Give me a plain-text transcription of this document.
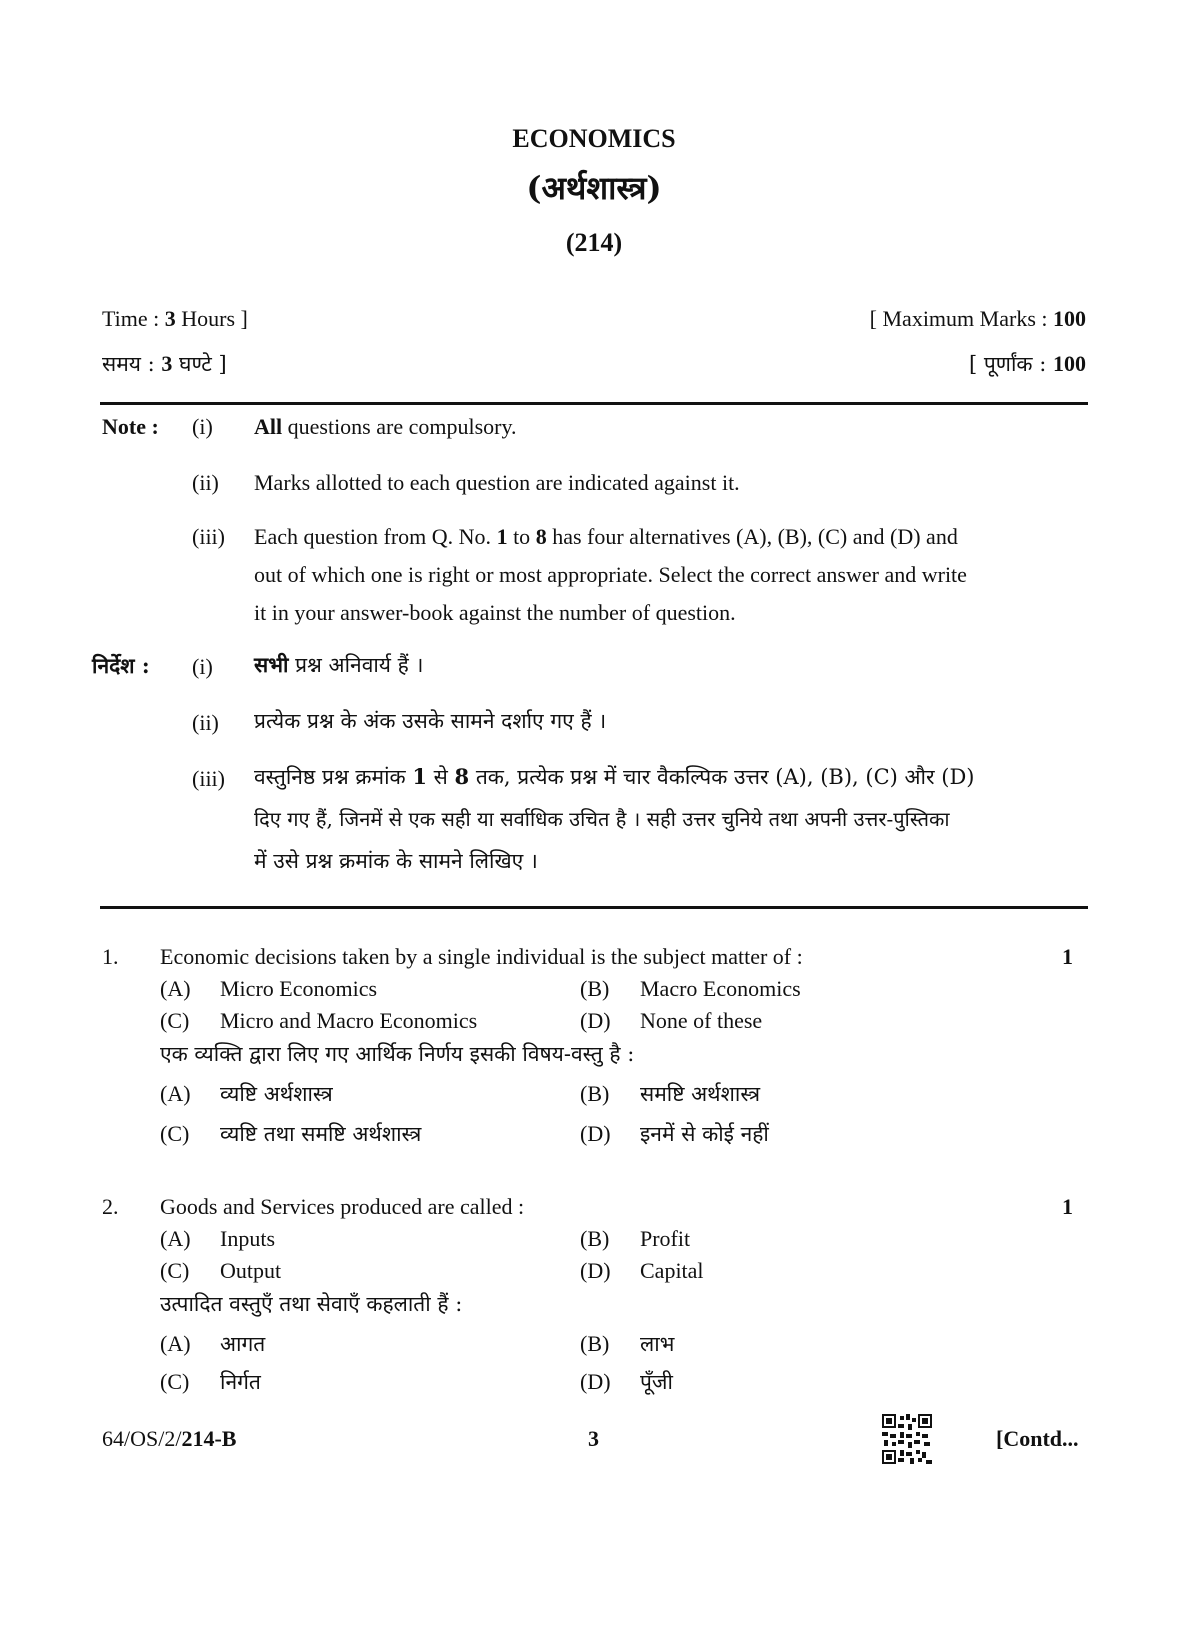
ECONOMICS
(अर्थशास्त्र)
(214)
Time : 3 Hours ]	[ Maximum Marks : 100
समय : 3 घण्टे ]	[ पूर्णांक : 100
Note : (i) All questions are compulsory.
(ii) Marks allotted to each question are indicated against it.
(iii) Each question from Q. No. 1 to 8 has four alternatives (A), (B), (C) and (D) and
out of which one is right or most appropriate. Select the correct answer and write
it in your answer-book against the number of question.
निर्देश : (i) सभी प्रश्न अनिवार्य हैं ।
(ii) प्रत्येक प्रश्न के अंक उसके सामने दर्शाए गए हैं ।
(iii) वस्तुनिष्ठ प्रश्न क्रमांक 1 से 8 तक, प्रत्येक प्रश्न में चार वैकल्पिक उत्तर (A), (B), (C) और (D)
दिए गए हैं, जिनमें से एक सही या सर्वाधिक उचित है । सही उत्तर चुनिये तथा अपनी उत्तर-पुस्तिका
में उसे प्रश्न क्रमांक के सामने लिखिए ।
1. Economic decisions taken by a single individual is the subject matter of :	1
(A) Micro Economics	(B) Macro Economics
(C) Micro and Macro Economics	(D) None of these
एक व्यक्ति द्वारा लिए गए आर्थिक निर्णय इसकी विषय-वस्तु है :
(A) व्यष्टि अर्थशास्त्र	(B) समष्टि अर्थशास्त्र
(C) व्यष्टि तथा समष्टि अर्थशास्त्र	(D) इनमें से कोई नहीं
2. Goods and Services produced are called :	1
(A) Inputs	(B) Profit
(C) Output	(D) Capital
उत्पादित वस्तुएँ तथा सेवाएँ कहलाती हैं :
(A) आगत	(B) लाभ
(C) निर्गत	(D) पूँजी
64/OS/2/214-B	3	[Contd...
